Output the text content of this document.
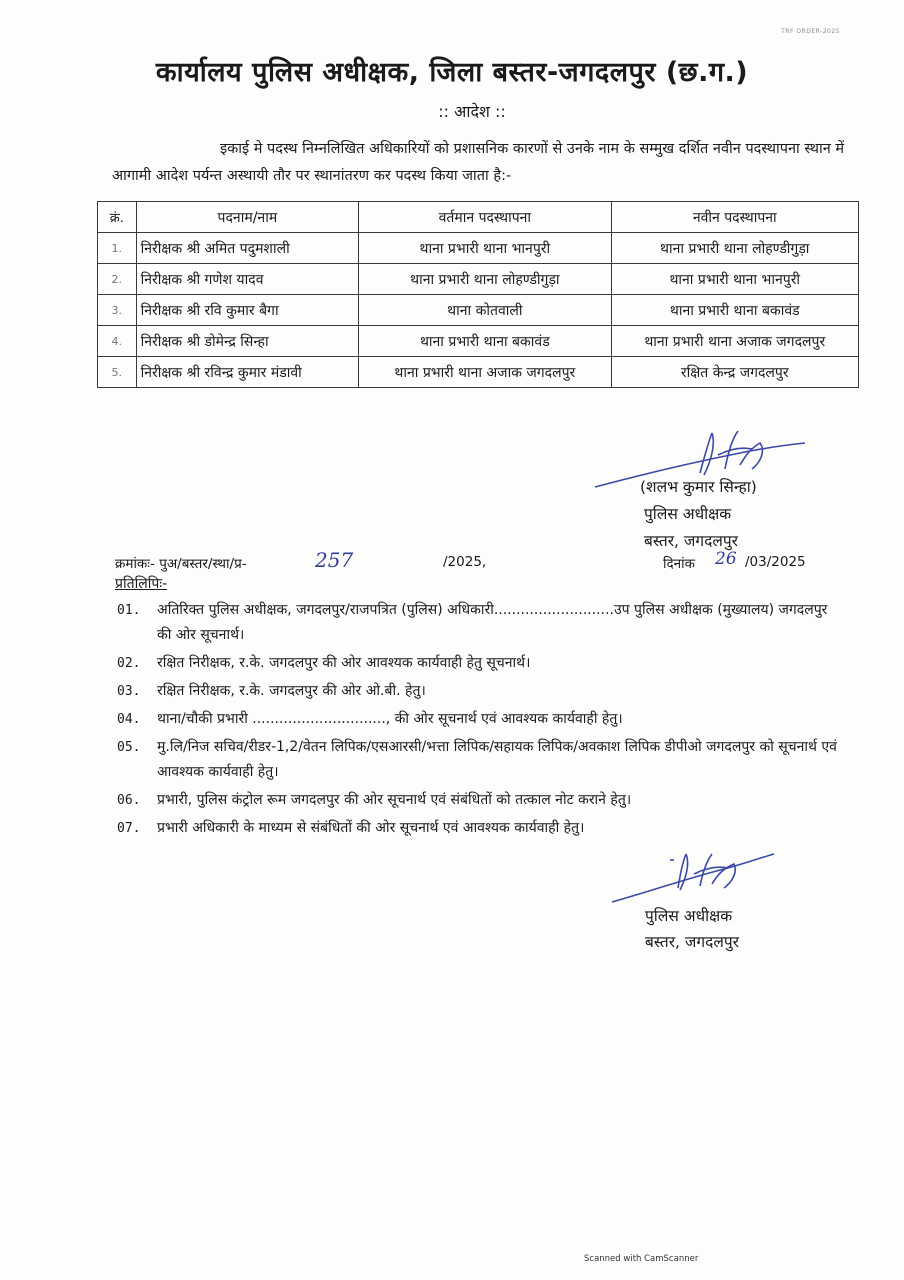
TRF ORDER-2025
कार्यालय पुलिस अधीक्षक, जिला बस्तर-जगदलपुर (छ.ग.)
:: आदेश ::
इकाई मे पदस्थ निम्नलिखित अधिकारियों को प्रशासनिक कारणों से उनके नाम के सम्मुख दर्शित नवीन पदस्थापना स्थान में आगामी आदेश पर्यन्त अस्थायी तौर पर स्थानांतरण कर पदस्थ किया जाता है:-
क्रं.	पदनाम/नाम	वर्तमान पदस्थापना	नवीन पदस्थापना
1.	निरीक्षक श्री अमित पदुमशाली	थाना प्रभारी थाना भानपुरी	थाना प्रभारी थाना लोहण्डीगुड़ा
2.	निरीक्षक श्री गणेश यादव	थाना प्रभारी थाना लोहण्डीगुड़ा	थाना प्रभारी थाना भानपुरी
3.	निरीक्षक श्री रवि कुमार बैगा	थाना कोतवाली	थाना प्रभारी थाना बकावंड
4.	निरीक्षक श्री डोमेन्द्र सिन्हा	थाना प्रभारी थाना बकावंड	थाना प्रभारी थाना अजाक जगदलपुर
5.	निरीक्षक श्री रविन्द्र कुमार मंडावी	थाना प्रभारी थाना अजाक जगदलपुर	रक्षित केन्द्र जगदलपुर
(शलभ कुमार सिन्हा)
पुलिस अधीक्षक
बस्तर, जगदलपुर
क्रमांकः- पुअ/बस्तर/स्था/प्र-	257	/2025,	दिनांक 26 /03/2025
प्रतिलिपिः-
01.	अतिरिक्त पुलिस अधीक्षक, जगदलपुर/राजपत्रित (पुलिस) अधिकारी...........................उप पुलिस अधीक्षक (मुख्यालय) जगदलपुर की ओर सूचनार्थ।
02.	रक्षित निरीक्षक, र.के. जगदलपुर की ओर आवश्यक कार्यवाही हेतु सूचनार्थ।
03.	रक्षित निरीक्षक, र.के. जगदलपुर की ओर ओ.बी. हेतु।
04.	थाना/चौकी प्रभारी .............................., की ओर सूचनार्थ एवं आवश्यक कार्यवाही हेतु।
05.	मु.लि/निज सचिव/रीडर-1,2/वेतन लिपिक/एसआरसी/भत्ता लिपिक/सहायक लिपिक/अवकाश लिपिक डीपीओ जगदलपुर को सूचनार्थ एवं आवश्यक कार्यवाही हेतु।
06.	प्रभारी, पुलिस कंट्रोल रूम जगदलपुर की ओर सूचनार्थ एवं संबंधितों को तत्काल नोट कराने हेतु।
07.	प्रभारी अधिकारी के माध्यम से संबंधितों की ओर सूचनार्थ एवं आवश्यक कार्यवाही हेतु।
पुलिस अधीक्षक
बस्तर, जगदलपुर
Scanned with CamScanner
